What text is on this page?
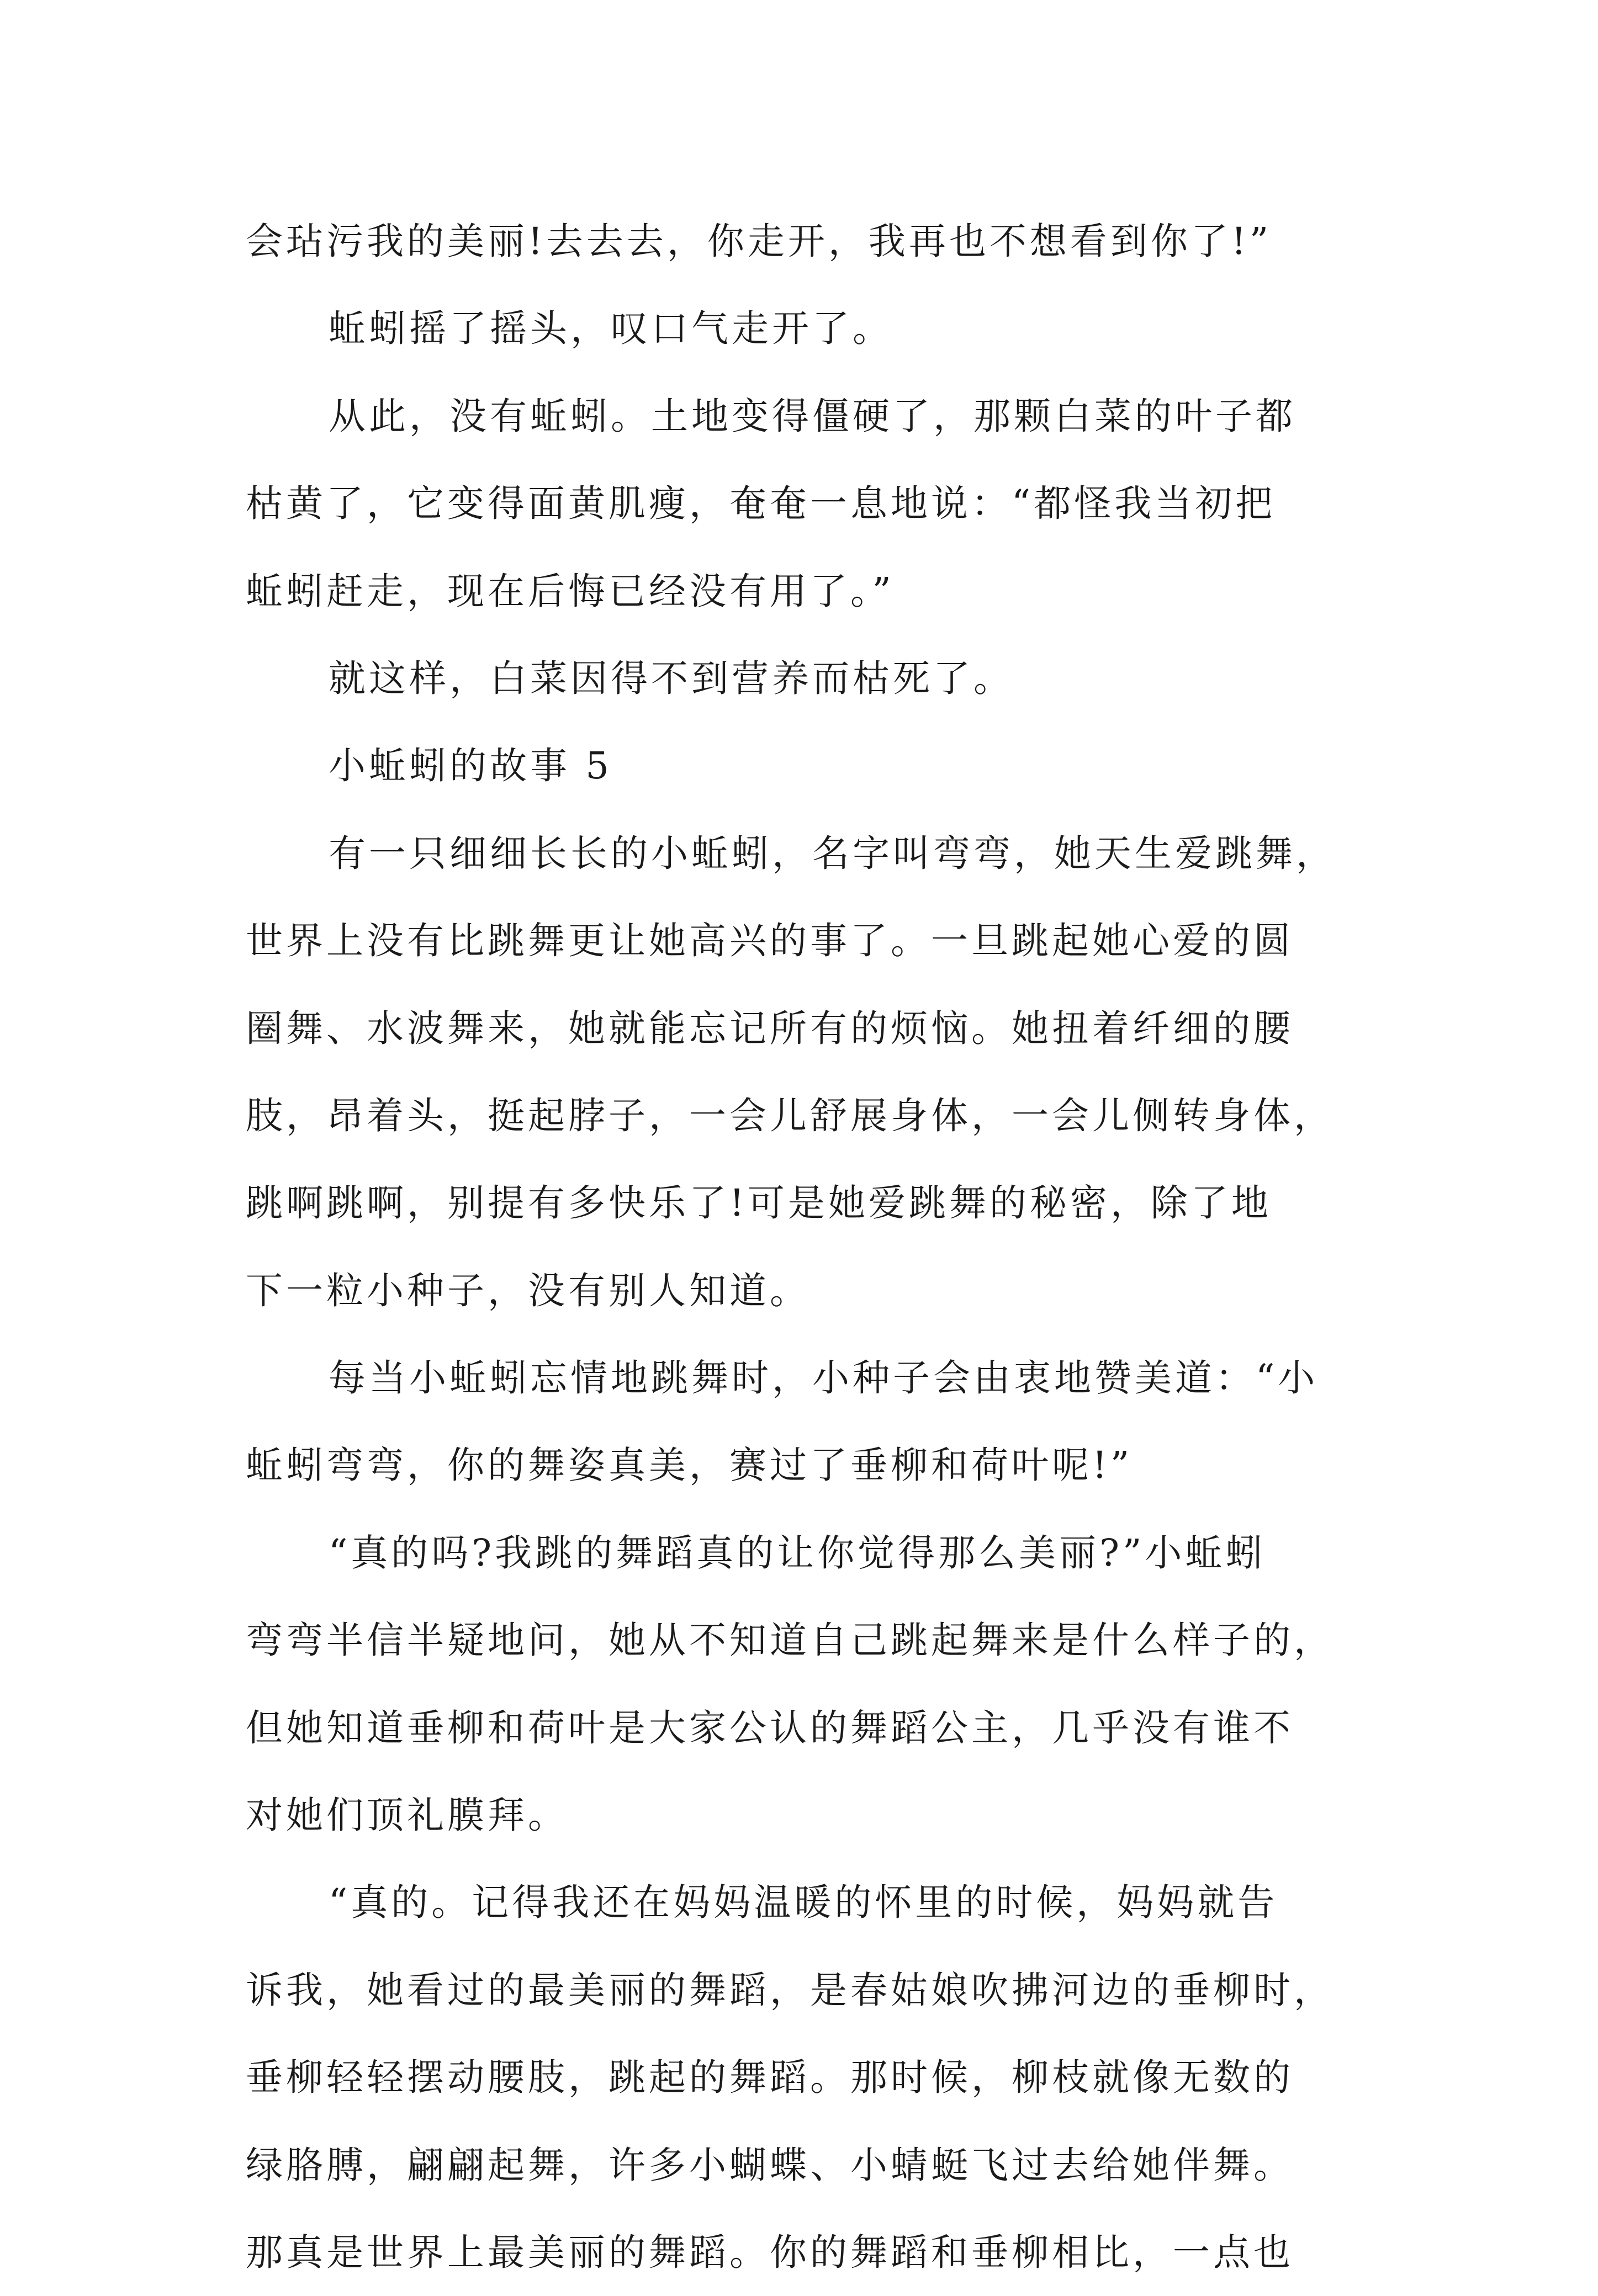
会玷污我的美丽!去去去，你走开，我再也不想看到你了!”
蚯蚓摇了摇头，叹口气走开了。
从此，没有蚯蚓。土地变得僵硬了，那颗白菜的叶子都
枯黄了，它变得面黄肌瘦，奄奄一息地说：“都怪我当初把
蚯蚓赶走，现在后悔已经没有用了。”
就这样，白菜因得不到营养而枯死了。
小蚯蚓的故事 5
有一只细细长长的小蚯蚓，名字叫弯弯，她天生爱跳舞，
世界上没有比跳舞更让她高兴的事了。一旦跳起她心爱的圆
圈舞、水波舞来，她就能忘记所有的烦恼。她扭着纤细的腰
肢，昂着头，挺起脖子，一会儿舒展身体，一会儿侧转身体，
跳啊跳啊，别提有多快乐了!可是她爱跳舞的秘密，除了地
下一粒小种子，没有别人知道。
每当小蚯蚓忘情地跳舞时，小种子会由衷地赞美道：“小
蚯蚓弯弯，你的舞姿真美，赛过了垂柳和荷叶呢!”
“真的吗?我跳的舞蹈真的让你觉得那么美丽?”小蚯蚓
弯弯半信半疑地问，她从不知道自己跳起舞来是什么样子的，
但她知道垂柳和荷叶是大家公认的舞蹈公主，几乎没有谁不
对她们顶礼膜拜。
“真的。记得我还在妈妈温暖的怀里的时候，妈妈就告
诉我，她看过的最美丽的舞蹈，是春姑娘吹拂河边的垂柳时，
垂柳轻轻摆动腰肢，跳起的舞蹈。那时候，柳枝就像无数的
绿胳膊，翩翩起舞，许多小蝴蝶、小蜻蜓飞过去给她伴舞。
那真是世界上最美丽的舞蹈。你的舞蹈和垂柳相比，一点也
